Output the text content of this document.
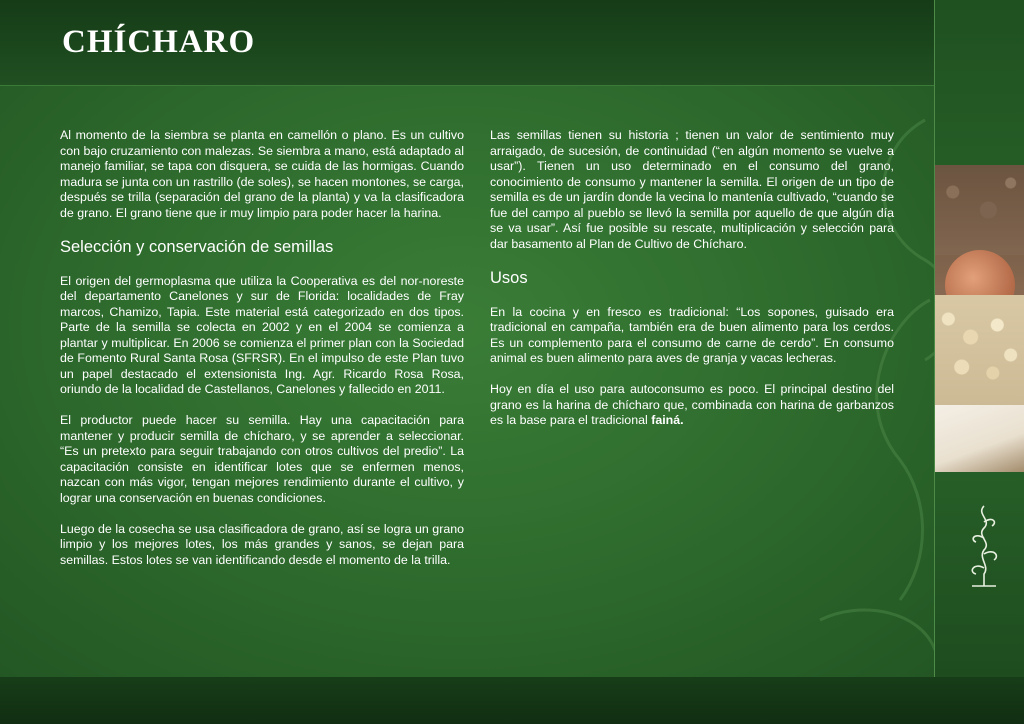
CHÍCHARO

Al momento de la siembra se planta en camellón o plano. Es un cultivo con bajo cruzamiento con malezas. Se siembra a mano, está adaptado al manejo familiar, se tapa con disquera, se cuida de las hormigas. Cuando madura se junta con un rastrillo (de soles), se hacen montones, se carga, después se trilla (separación del grano de la planta) y va la clasificadora de grano. El grano tiene que ir muy limpio para poder hacer la harina.

Selección y conservación de semillas

El origen del germoplasma que utiliza la Cooperativa es del nor-noreste del departamento Canelones y sur de Florida: localidades de Fray marcos, Chamizo, Tapia. Este material está categorizado en dos tipos. Parte de la semilla se colecta en 2002 y en el 2004 se comienza a plantar y multiplicar. En 2006 se comienza el primer plan con la Sociedad de Fomento Rural Santa Rosa (SFRSR). En el impulso de este Plan tuvo un papel destacado el extensionista Ing. Agr. Ricardo Rosa Rosa, oriundo de la localidad de Castellanos, Canelones y fallecido en 2011.

El productor puede hacer su semilla. Hay una capacitación para mantener y producir semilla de chícharo, y se aprender a seleccionar. “Es un pretexto para seguir trabajando con otros cultivos del predio”. La capacitación consiste en identificar lotes que se enfermen menos, nazcan con más vigor, tengan mejores rendimiento durante el cultivo, y lograr una conservación en buenas condiciones.

Luego de la cosecha se usa clasificadora de grano, así se logra un grano limpio y los mejores lotes, los más grandes y sanos, se dejan para semillas. Estos lotes se van identificando desde el momento de la trilla.

Las semillas tienen su historia ; tienen un valor de sentimiento muy arraigado, de sucesión, de continuidad (“en algún momento se vuelve a usar”). Tienen un uso determinado en el consumo del grano, conocimiento de consumo y mantener la semilla. El origen de un tipo de semilla es de un jardín donde la vecina lo mantenía cultivado, “cuando se fue del campo al pueblo se llevó la semilla por aquello de que algún día se va usar”. Así fue posible su rescate, multiplicación y selección para dar basamento al Plan de Cultivo de Chícharo.

Usos

En la cocina y en fresco es tradicional: “Los sopones, guisado era tradicional en campaña, también era de buen alimento para los cerdos. Es un complemento para el consumo de carne de cerdo”. En consumo animal es buen alimento para aves de granja y vacas lecheras.

Hoy en día el uso para autoconsumo es poco. El principal destino del grano es la harina de chícharo que, combinada con harina de garbanzos es la base para el tradicional fainá.
